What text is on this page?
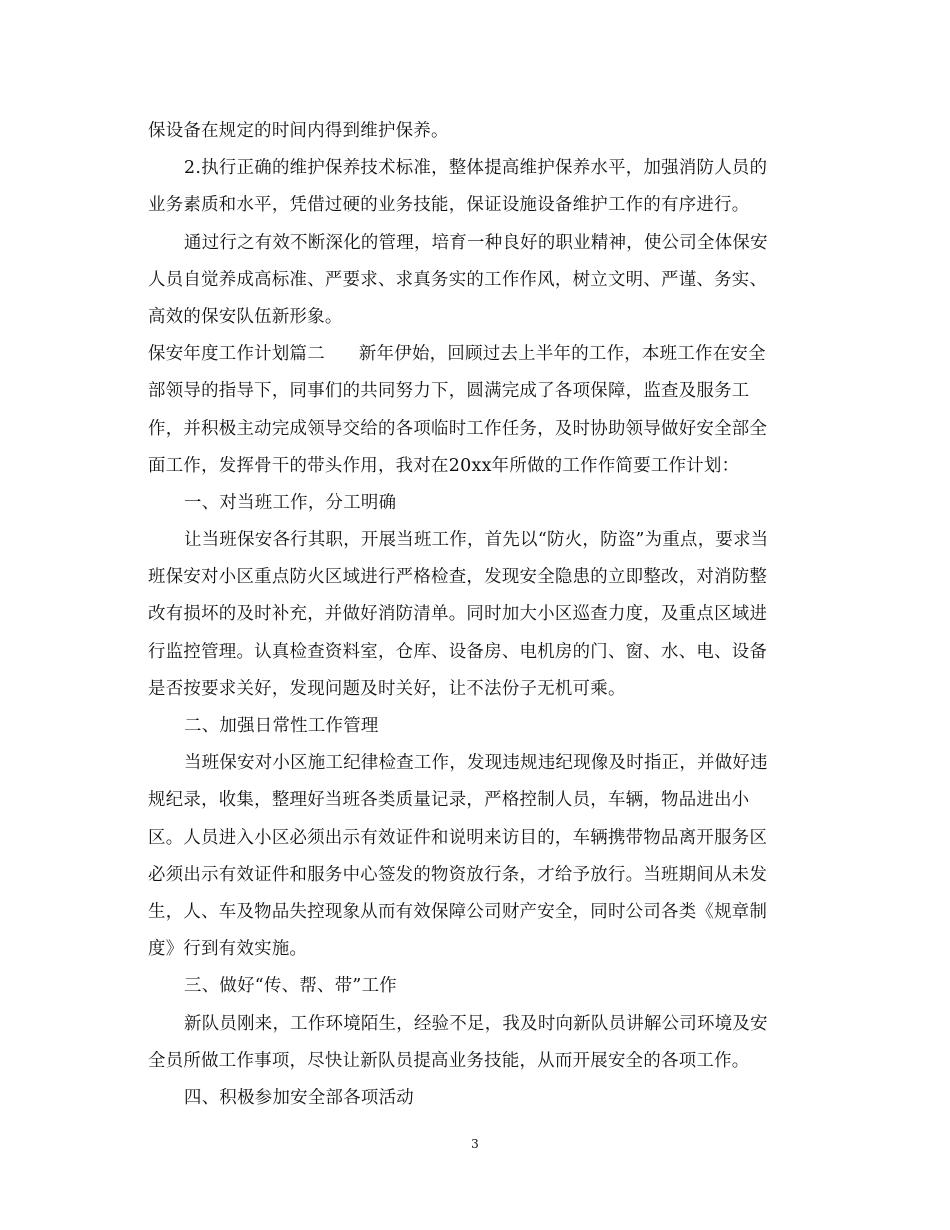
保设备在规定的时间内得到维护保养。
2.执行正确的维护保养技术标准，整体提高维护保养水平，加强消防人员的
业务素质和水平，凭借过硬的业务技能，保证设施设备维护工作的有序进行。
通过行之有效不断深化的管理，培育一种良好的职业精神，使公司全体保安
人员自觉养成高标准、严要求、求真务实的工作作风，树立文明、严谨、务实、
高效的保安队伍新形象。
保安年度工作计划篇二 新年伊始，回顾过去上半年的工作，本班工作在安全
部领导的指导下，同事们的共同努力下，圆满完成了各项保障，监查及服务工
作，并积极主动完成领导交给的各项临时工作任务，及时协助领导做好安全部全
面工作，发挥骨干的带头作用，我对在20xx年所做的工作作简要工作计划：
一、对当班工作，分工明确
让当班保安各行其职，开展当班工作，首先以“防火，防盗”为重点，要求当
班保安对小区重点防火区域进行严格检查，发现安全隐患的立即整改，对消防整
改有损坏的及时补充，并做好消防清单。同时加大小区巡查力度，及重点区域进
行监控管理。认真检查资料室，仓库、设备房、电机房的门、窗、水、电、设备
是否按要求关好，发现问题及时关好，让不法份子无机可乘。
二、加强日常性工作管理
当班保安对小区施工纪律检查工作，发现违规违纪现像及时指正，并做好违
规纪录，收集，整理好当班各类质量记录，严格控制人员，车辆，物品进出小
区。人员进入小区必须出示有效证件和说明来访目的，车辆携带物品离开服务区
必须出示有效证件和服务中心签发的物资放行条，才给予放行。当班期间从未发
生，人、车及物品失控现象从而有效保障公司财产安全，同时公司各类《规章制
度》行到有效实施。
三、做好“传、帮、带”工作
新队员刚来，工作环境陌生，经验不足，我及时向新队员讲解公司环境及安
全员所做工作事项，尽快让新队员提高业务技能，从而开展安全的各项工作。
四、积极参加安全部各项活动
3
